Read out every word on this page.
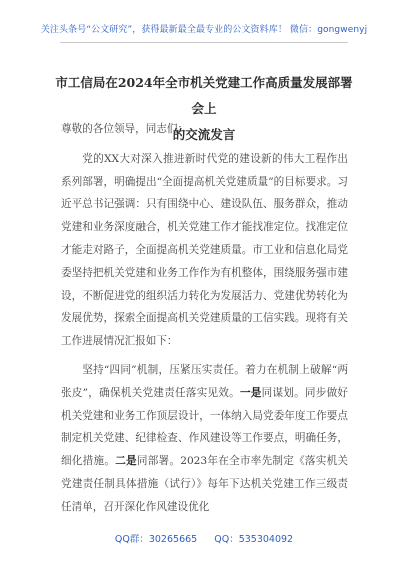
关注头条号“公文研究”，获得最新最全最专业的公文资料库！ 微信：gongwenyj
市工信局在2024年全市机关党建工作高质量发展部署会上
的交流发言

尊敬的各位领导，同志们：

党的XX大对深入推进新时代党的建设新的伟大工程作出系列部署，明确提出“全面提高机关党建质量”的目标要求。习近平总书记强调：只有围绕中心、建设队伍、服务群众，推动党建和业务深度融合，机关党建工作才能找准定位。找准定位才能走对路子，全面提高机关党建质量。市工业和信息化局党委坚持把机关党建和业务工作作为有机整体，围绕服务强市建设，不断促进党的组织活力转化为发展活力、党建优势转化为发展优势，探索全面提高机关党建质量的工信实践。现将有关工作进展情况汇报如下：

坚持“四同”机制，压紧压实责任。着力在机制上破解“两张皮”，确保机关党建责任落实见效。一是同谋划。同步做好机关党建和业务工作顶层设计，一体纳入局党委年度工作要点制定机关党建、纪律检查、作风建设等工作要点，明确任务，细化措施。二是同部署。2023年在全市率先制定《落实机关党建责任制具体措施（试行）》每年下达机关党建工作三级责任清单，召开深化作风建设优化

QQ群：30265665 QQ：535304092
